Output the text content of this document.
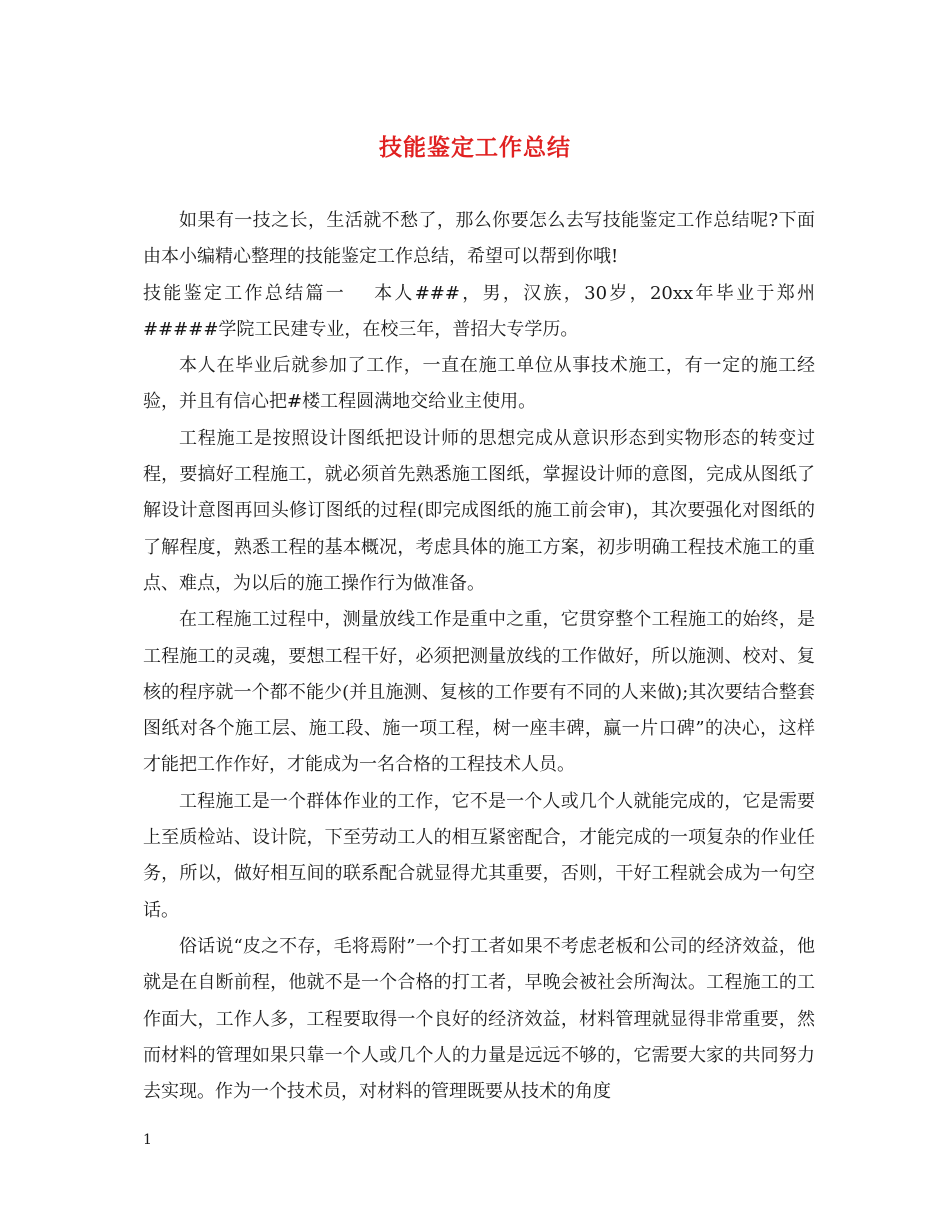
技能鉴定工作总结

如果有一技之长，生活就不愁了，那么你要怎么去写技能鉴定工作总结呢?下面由本小编精心整理的技能鉴定工作总结，希望可以帮到你哦!

技能鉴定工作总结篇一 本人###，男，汉族，30岁，20xx年毕业于郑州#####学院工民建专业，在校三年，普招大专学历。

本人在毕业后就参加了工作，一直在施工单位从事技术施工，有一定的施工经验，并且有信心把#楼工程圆满地交给业主使用。

工程施工是按照设计图纸把设计师的思想完成从意识形态到实物形态的转变过程，要搞好工程施工，就必须首先熟悉施工图纸，掌握设计师的意图，完成从图纸了解设计意图再回头修订图纸的过程(即完成图纸的施工前会审)，其次要强化对图纸的了解程度，熟悉工程的基本概况，考虑具体的施工方案，初步明确工程技术施工的重点、难点，为以后的施工操作行为做准备。

在工程施工过程中，测量放线工作是重中之重，它贯穿整个工程施工的始终，是工程施工的灵魂，要想工程干好，必须把测量放线的工作做好，所以施测、校对、复核的程序就一个都不能少(并且施测、复核的工作要有不同的人来做);其次要结合整套图纸对各个施工层、施工段、施一项工程，树一座丰碑，赢一片口碑”的决心，这样才能把工作作好，才能成为一名合格的工程技术人员。

工程施工是一个群体作业的工作，它不是一个人或几个人就能完成的，它是需要上至质检站、设计院，下至劳动工人的相互紧密配合，才能完成的一项复杂的作业任务，所以，做好相互间的联系配合就显得尤其重要，否则，干好工程就会成为一句空话。

俗话说“皮之不存，毛将焉附”一个打工者如果不考虑老板和公司的经济效益，他就是在自断前程，他就不是一个合格的打工者，早晚会被社会所淘汰。工程施工的工作面大，工作人多，工程要取得一个良好的经济效益，材料管理就显得非常重要，然而材料的管理如果只靠一个人或几个人的力量是远远不够的，它需要大家的共同努力去实现。作为一个技术员，对材料的管理既要从技术的角度

1
